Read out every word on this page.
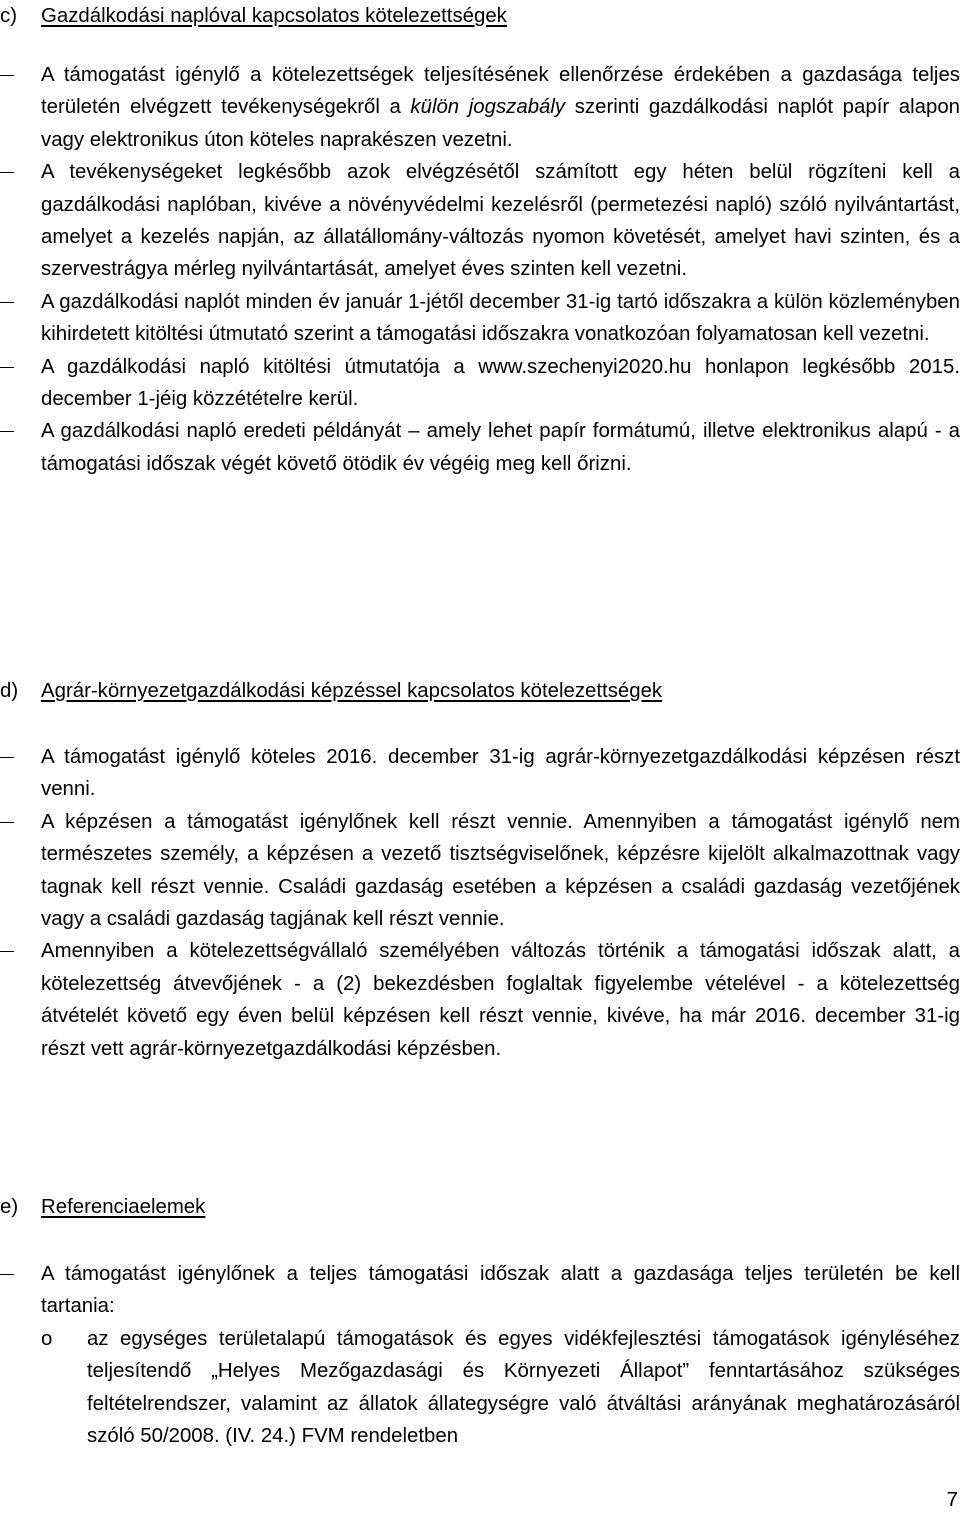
c) Gazdálkodási naplóval kapcsolatos kötelezettségek
A támogatást igénylő a kötelezettségek teljesítésének ellenőrzése érdekében a gazdasága teljes területén elvégzett tevékenységekről a külön jogszabály szerinti gazdálkodási naplót papír alapon vagy elektronikus úton köteles naprakészen vezetni.
A tevékenységeket legkésőbb azok elvégzésétől számított egy héten belül rögzíteni kell a gazdálkodási naplóban, kivéve a növényvédelmi kezelésről (permetezési napló) szóló nyilvántartást, amelyet a kezelés napján, az állatállomány-változás nyomon követését, amelyet havi szinten, és a szervestrágya mérleg nyilvántartását, amelyet éves szinten kell vezetni.
A gazdálkodási naplót minden év január 1-jétől december 31-ig tartó időszakra a külön közleményben kihirdetett kitöltési útmutató szerint a támogatási időszakra vonatkozóan folyamatosan kell vezetni.
A gazdálkodási napló kitöltési útmutatója a www.szechenyi2020.hu honlapon legkésőbb 2015. december 1-jéig közzétételre kerül.
A gazdálkodási napló eredeti példányát – amely lehet papír formátumú, illetve elektronikus alapú - a támogatási időszak végét követő ötödik év végéig meg kell őrizni.
d) Agrár-környezetgazdálkodási képzéssel kapcsolatos kötelezettségek
A támogatást igénylő köteles 2016. december 31-ig agrár-környezetgazdálkodási képzésen részt venni.
A képzésen a támogatást igénylőnek kell részt vennie. Amennyiben a támogatást igénylő nem természetes személy, a képzésen a vezető tisztségviselőnek, képzésre kijelölt alkalmazottnak vagy tagnak kell részt vennie. Családi gazdaság esetében a képzésen a családi gazdaság vezetőjének vagy a családi gazdaság tagjának kell részt vennie.
Amennyiben a kötelezettségvállaló személyében változás történik a támogatási időszak alatt, a kötelezettség átvevőjének - a (2) bekezdésben foglaltak figyelembe vételével - a kötelezettség átvételét követő egy éven belül képzésen kell részt vennie, kivéve, ha már 2016. december 31-ig részt vett agrár-környezetgazdálkodási képzésben.
e) Referenciaelemek
A támogatást igénylőnek a teljes támogatási időszak alatt a gazdasága teljes területén be kell tartania:
o az egységes területalapú támogatások és egyes vidékfejlesztési támogatások igényléséhez teljesítendő „Helyes Mezőgazdasági és Környezeti Állapot” fenntartásához szükséges feltételrendszer, valamint az állatok állategységre való átváltási arányának meghatározásáról szóló 50/2008. (IV. 24.) FVM rendeletben
7
